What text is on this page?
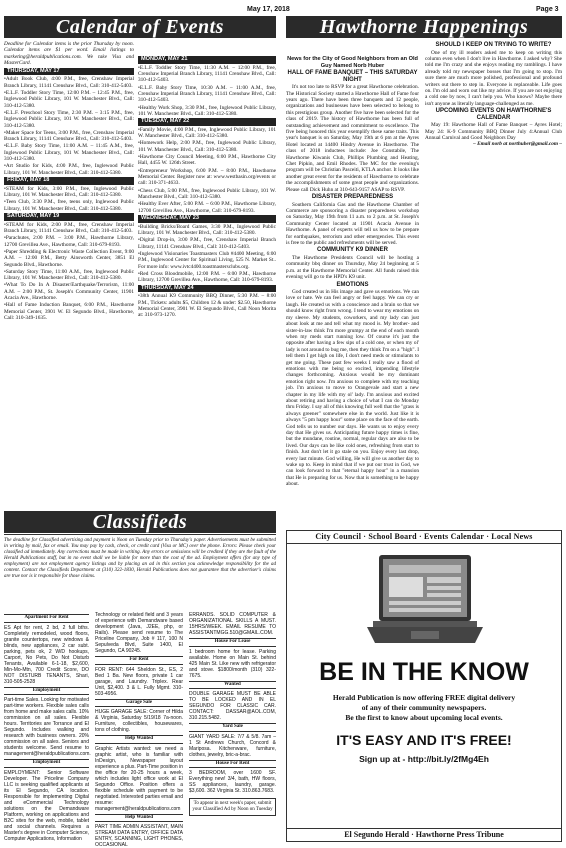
May 17, 2018	Page 3
Calendar of Events	Hawthorne Happenings

Deadline for Calendar items is the prior Thursday by noon. Calendar items are $1 per word. Email listings to marketing@heraldpublications.com. We take Visa and MasterCard.

THURSDAY, MAY 17

• Adult Book Club, 4:00 P.M., free, Crenshaw Imperial Branch Library, 11141 Crenshaw Blvd., Call: 310-412-5403.

• E.L.F. Toddler Story Time, 12:00 P.M. – 12:45 P.M., free, Inglewood Public Library, 101 W. Manchester Blvd., Call: 310-412-5380.

• E.L.F. Preschool Story Time, 2:30 P.M. – 3:15 P.M., free, Inglewood Public Library, 101 W. Manchester Blvd., Call: 310-412-5380.

• Maker Space for Teens, 3:00 P.M., free, Crenshaw Imperial Branch Library, 11141 Crenshaw Blvd., Call: 310-412-5403.

• E.L.F. Baby Story Time, 11:00 A.M. – 11:45 A.M., free, Inglewood Public Library, 101 W. Manchester Blvd., Call: 310-412-5380.

• Art Studio for Kids, 4:00 P.M., free, Inglewood Public Library, 101 W. Manchester Blvd., Call: 310-412-5380.

FRIDAY, MAY 18

• STEAM for Kids, 3:00 P.M., free, Inglewood Public Library, 101 W. Manchester Blvd., Call: 310-412-5380.

• Teen Club, 3:30 P.M., free, teens only, Inglewood Public Library, 101 W. Manchester Blvd., Call: 310-412-5380.

SATURDAY, MAY 19

• STEAM for Kids, 2:00 P.M., free, Crenshaw Imperial Branch Library, 11141 Crenshaw Blvd., Call: 310-412-5403.

• Parachutes, 2:00 P.M. – 3:00 P.M., Hawthorne Library, 12700 Grevillea Ave., Hawthorne, Call: 310-679-8193.

• Paper Shredding & Electronic Waste Collection Event, 9:00 A.M. – 12:00 P.M., Betty Ainsworth Center, 3851 El Segundo Blvd., Hawthorne.

• Saturday Story Time, 11:00 A.M., free, Inglewood Public Library, 101 W. Manchester Blvd., Call: 310-412-5380.

• What To Do In A Disaster/Earthquake/Terrorism, 11:00 A.M. – 2:00 P.M., St. Joseph's Community Center, 11901 Acacia Ave., Hawthorne.

• Hall of Fame Induction Banquet, 6:00 P.M., Hawthorne Memorial Center, 3901 W. El Segundo Blvd., Hawthorne, Call: 310-349-1635.

MONDAY, MAY 21

• E.L.F. Toddler Story Time, 11:30 A.M. – 12:00 P.M., free, Crenshaw Imperial Branch Library, 11141 Crenshaw Blvd., Call: 310-412-5403.

• E.L.F. Baby Story Time, 10:30 A.M. – 11:00 A.M., free, Crenshaw Imperial Branch Library, 11141 Crenshaw Blvd., Call: 310-412-5403.

• Healthy Work Shop, 3:30 P.M., free, Inglewood Public Library, 101 W. Manchester Blvd., Call: 310-412-5380.

TUESDAY, MAY 22

• Family Movie, 4:00 P.M., free, Inglewood Public Library, 101 W. Manchester Blvd., Call: 310-412-5380.

• Homework Help, 2:00 P.M., free, Inglewood Public Library, 101 W. Manchester Blvd., Call: 310-412-5380.

• Hawthorne City Council Meeting, 6:00 P.M., Hawthorne City Hall, 4455 W. 126th Street.

• Entrepreneur Workshop, 6:00 P.M. – 8:00 P.M., Hawthorne Memorial Center. Register now at: www.westbasin.org/events or call: 310-371-4633.

• Chess Club, 5:00 P.M., free, Inglewood Public Library, 101 W. Manchester Blvd., Call: 310-412-5380.

• Healthy Ever After, 5:00 P.M. – 6:00 P.M., Hawthorne Library, 12700 Grevillea Ave., Hawthorne, Call: 310-679-8193.

WEDNESDAY, MAY 23

• Building Bricks/Board Games, 3:30 P.M., Inglewood Public Library, 101 W. Manchester Blvd., Call: 310-412-5380.

• Digital Drop-in, 3:00 P.M., free, Crenshaw Imperial Branch Library, 11141 Crenshaw Blvd., Call: 310-412-5403.

• Inglewood Visionaries Toastmasters Club #4400 Meeting, 6:00 P.M., Inglewood Center for Spiritual Living, 525 N. Market St.. For more info: www.ivtc4400.toastmastersclubs.org.

• Red Cross Bloodmobile, 12:00 P.M. – 6:00 P.M., Hawthorne Library, 12700 Grevillea Ave., Hawthorne, Call: 310-679-8193.

THURSDAY, MAY 24

• 38th Annual K9 Community BBQ Dinner, 5:30 P.M. – 8:00 P.M., Tickets: adults $5, Children 12 & under: $2.50, Hawthorne Memorial Center, 3901 W. El Segundo Blvd., Call Noon Morita at: 310-973-1270.

News for the City of Good Neighbors from an Old Guy Named Norb Huber

HALL OF FAME BANQUET – THIS SATURDAY NIGHT

It's not too late to RSVP for a great Hawthorne celebration. The Historical Society started a Hawthorne Hall of Fame four years ago. There have been three banquets and 12 people, organizations and businesses have been selected to belong to this prestigious group. Another five have been selected for the class of 2019. The history of Hawthorne has been full of outstanding achievement and commitment to excellence. The five being honored this year exemplify these same traits. This year's banquet is on Saturday, May 19th at 6 pm at the Ayres Hotel located at 14400 Hindry Avenue in Hawthorne. The class of 2018 inductees include: Joe Constabile, The Hawthorne Kiwanis Club, Phillips Plumbing and Heating, Chet Pipkin, and Emil Rhodes. The MC for the evening's program will be Christian Pasceiti, KTLA anchor. It looks like another great event for the residents of Hawthorne to celebrate the accomplishments of some great people and organizations. Please call Dick Huhn at 310-643-9157 ASAP to RSVP.

DISASTER PREPAREDNESS

Southern California Gas and the Hawthorne Chamber of Commerce are sponsoring a disaster preparedness workshop on Saturday, May 19th from 11 a.m. to 2 p.m. at St. Joseph's Community Center located at 11901 Acacia Avenue in Hawthorne. A panel of experts will tell us how to be prepare for earthquakes, terrorism and other emergencies. This event is free to the public and refreshments will be served.

COMMUNITY K9 DINNER

The Hawthorne Presidents Council will be hosting a community bbq dinner on Thursday, May 24 beginning at 5 p.m. at the Hawthorne Memorial Center. All funds raised this evening will go to the HPD's K9 unit.

EMOTIONS

God created us in His image and gave us emotions. We can love or hate. We can feel angry or feel happy. We can cry or laugh. He created us with a conscience and a brain so that we should know right from wrong. I tend to wear my emotions on my sleeve. My students, coworkers, and my lady can just about look at me and tell what my mood is. My brother- and sister-in-law think I'm more grumpy at the end of each month when my meds start running low. Of course it's just the opposite after having a few sips of a cold one, or when my ol' lady is not around to bug me, then they think I'm on a "high". I tell them I get high on life, I don't need meds or stimulants to get me going. These past few weeks I really saw a flood of emotions with me being so excited, impending lifestyle changes forthcoming. Anxious would be my dominant emotion right now. I'm anxious to complete with my teaching job. I'm anxious to move to Orangevale and start a new chapter in my life with my ol' lady. I'm anxious and excited about retiring and having a choice of what I can do Monday thru Friday. I say all of this knowing full well that the "grass is always greener" somewhere else in the world. Just like it is always "5 pm happy hour" some place on the face of the earth. God tells us to number our days. He wants us to enjoy every day that He gives us. Anticipating future happy times is fine, but the mundane, routine, normal, regular days are also to be lived. Our days can be like cold ones, refreshing from start to finish. Just don't let it go stale on you. Enjoy every last drop, every last minute. God willing, He will give us another day to wake up to. Keep in mind that if we put our trust in God, we can look forward to that "eternal happy hour" in a mansion that He is preparing for us. Now that is something to be happy about.

SHOULD I KEEP ON TRYING TO WRITE?

One of my ill readers asked me to keep on writing this column even when I don't live in Hawthorne. I asked why? She told me I'm crazy and she enjoys reading my ramblings. I have already told my newspaper bosses that I'm going to stop. I'm sure there are much more polished, professional and profound writers out there to step in. Everyone is replaceable. Life goes on. I'm old and worn out like my advice. If you are not enjoying a cold one by now, I can't help you. Who knows? Maybe there isn't anyone as literally language-challenged as me.

UPCOMING EVENTS ON HAWTHORNE'S CALENDAR

May 19: Hawthorne Hall of Fame Banquet – Ayres Hotel; May 24: K-9 Community BBQ Dinner July 4:Annual Club Annual Carnival and Good Neighbors Day

– Email norb at northuber@gmail.com –

Classifieds
The deadline for Classified advertising and payment is Noon on Tuesday prior to Thursday's paper. Advertisements must be submitted in writing by mail, fax or email. You may pay by cash, check, or credit card (Visa or MC) over the phone. Errors: Please check your classified ad immediately. Any corrections must be made in writing. Any errors or omissions will be credited if they are the fault of the Herald Publications staff, but in no event shall we be liable for more than the cost of the ad. Employment offers (for any type of employment) are not employment agency listings and by placing an ad in this section you acknowledge responsibility for the ad content. Contact the Classifieds Department at (310) 322-1830, Herald Publications does not guarantee that the advertiser's claims are true nor is it responsible for those claims.
Apartment For Rent

ES Apt for rent, 2 bd, 2 full bths. Completely remodeled, wood floors, granite countertops, new windows & blinds, new appliances, 2 car subt. parking, pets ok, 2 W/D hookups, Carport, No Pets, Do Not Disturb Tenants, Available 6-1-18, $2,600, Min-Mo-Mtn, 700 Credit Score, DO NOT DISTURB TENANTS, Shari, 310-505-2528

Employment

Part-time Sales. Looking for motivated part-time workers. Flexible sales calls from home and make sales calls. 10% commission on all sales. Flexible hours. Territories are Torrance and El Segundo. Includes walking and research with business owners. 20% commission on all sales. Seniors and students welcome. Send resume to management@heraldpublications.com.

Employment

EMPLOYMENT: Senior Software Developer. The Priceline Company LLC is seeking qualified applicants at its El Segundo, CA location. Responsible for implementing Digital and eCommercial Technology solutions on the Demandware Platform, working on applications and B2C sites for the web, mobile, tablet and social channels. Requires a Master's degree in Computer Science, Computer Applications, Information

Technology or related field and 3 years of experience with Demandware based development (Java, J2EE, php, or Rails). Please send resume to The Priceline Company, Job # 117, 100 N Sepulveda Blvd, Suite 1400, El Segundo, CA 90245.

For Rent

FOR RENT: 644 Sheldon St., ES, 2 Bed 1 Ba. New floors, private 1 car garage, and Laundry. Triplex. Rear Unit, $2,400. 3 & L. Fully Mgmt. 310-503-4956.

Garage Sale

HUGE GARAGE SALE: Corner of Hilda & Virginia, Saturday 5/19/18 7a-noon. Furniture, collectibles, housewares, tons of clothing.

Help Wanted

Graphic Artists wanted: we need a graphic artist, who is familiar with InDesign, Newspaper layout experience a plus. Part-Time position in the office for 20-25 hours a week, which includes light office work at El Segundo Office. Position offers a flexible schedule with payment to be negotiated. Interested parties email and resume: management@heraldpublications.com

Help Wanted

PART TIME ADMIN ASSISTANT, MAIN STREAM DATA ENTRY, OFFICE DATA ENTRY, SCANNING, LIGHT PHONES, OCCASIONAL

ERRANDS. SOLID COMPUTER & ORGANIZATIONAL SKILLS A MUST. 15HRS/WEEK. EMAIL RESUME TO ASSISTANTMGG.510@GMAIL.COM.

House For Lease

1 bedroom home for lease. Parking available. Home on Main St. behind 425 Main St. Like new with refrigerator and stove. $1800/month (310) 322-7675.

Wanted

DOUBLE GARAGE MUST BE ABLE TO BE LOCKED AND IN EL SEGUNDO FOR CLASSIC CAR. CONTACT: DASSAR@AOL.COM, 310.215.5482.

Yard Sale

GIANT YARD SALE: 7/7 & 5/8. 7am – 1 St Andrews Church, Concord & Mariposa. Kitchenware, furniture, clothes, jewelry, bric-a-brac.

House For Rent

3 BEDROOM, over 1600 SF. Everything new! 3/4, bath, HW floors, SS appliances, laundry, garage. $3,600. 362 Virginia St. 310.863.7683.

To appear in next week's paper, submit your Classified Ad by Noon on Tuesday

City Council · School Board · Events Calendar · Local News
BE IN THE KNOW
Herald Publication is now offering FREE digital delivery
of any of their community newspapers.
Be the first to know about upcoming local events.
IT'S EASY AND IT'S FREE!
Sign up at - http://bit.ly/2fMg4Eh
El Segundo Herald · Hawthorne Press Tribune
